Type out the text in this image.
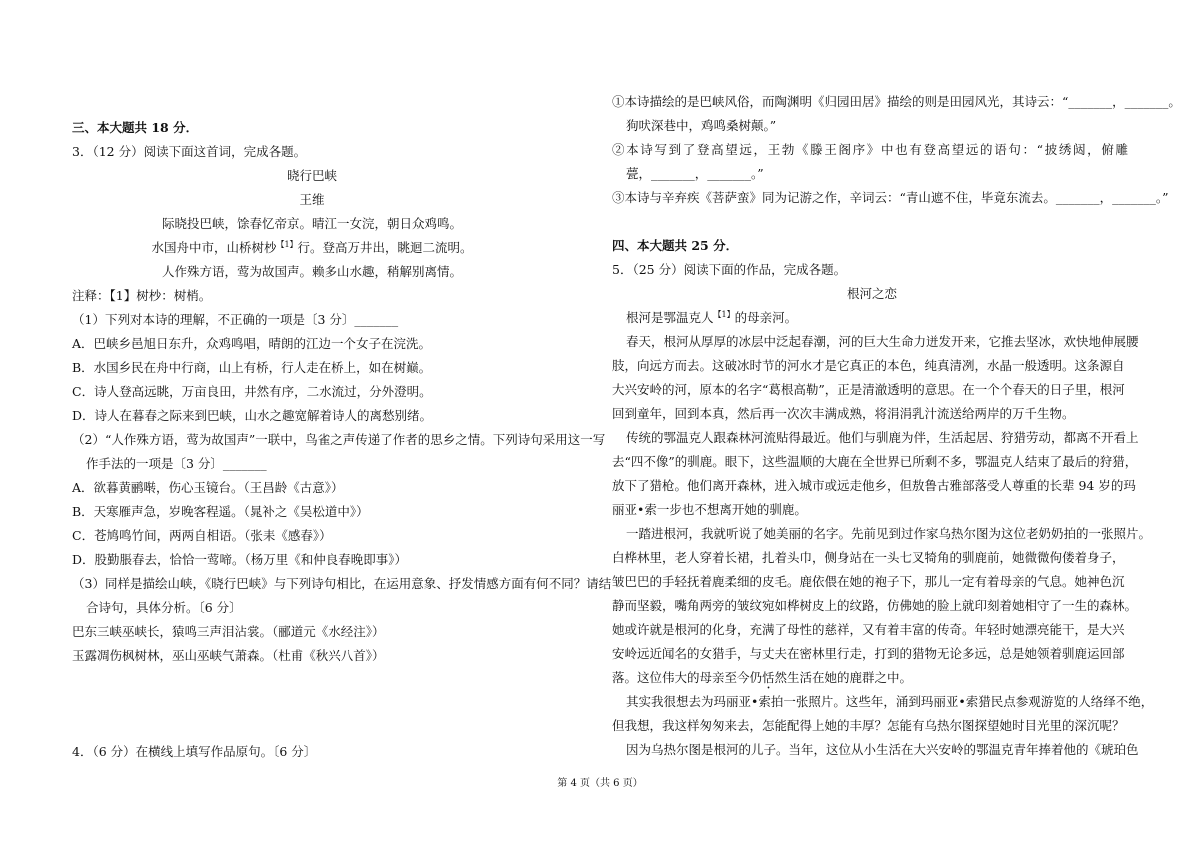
三、本大题共 18 分．
3．（12 分）阅读下面这首词，完成各题。
晓行巴峡
王维
际晓投巴峡，馀春忆帝京。晴江一女浣，朝日众鸡鸣。
水国舟中市，山桥树杪$^{【1】}$行。登高万井出，眺迴二流明。
人作殊方语，莺为故国声。赖多山水趣，稍解别离情。
注释：【1】树杪：树梢。
（1）下列对本诗的理解，不正确的一项是〔3 分〕_______
A．巴峡乡邑旭日东升，众鸡鸣唱，晴朗的江边一个女子在浣洗。
B．水国乡民在舟中行商，山上有桥，行人走在桥上，如在树巅。
C．诗人登高远眺，万亩良田，井然有序，二水流过，分外澄明。
D．诗人在暮春之际来到巴峡，山水之趣宽解着诗人的离愁别绪。
（2）“人作殊方语，莺为故国声”一联中，鸟雀之声传递了作者的思乡之情。下列诗句采用这一写
作手法的一项是〔3 分〕_______
A．欲暮黄鹂啭，伤心玉镜台。（王昌龄《古意》）
B．天寒雁声急，岁晚客程遥。（晁补之《吴松道中》）
C．苍鸠鸣竹间，两两自相语。（张耒《感春》）
D．股勤脹春去，恰恰一莺啼。（杨万里《和仲良春晚即事》）
（3）同样是描绘山峡，《晓行巴峡》与下列诗句相比，在运用意象、抒发情感方面有何不同？请结
合诗句，具体分析。〔6 分〕
巴东三峡巫峡长，猿鸣三声泪沾裳。（郦道元《水经注》）
玉露凋伤枫树林，巫山巫峡气萧森。（杜甫《秋兴八首》）
4．（6 分）在横线上填写作品原句。〔6 分〕
①本诗描绘的是巴峡风俗，而陶渊明《归园田居》描绘的则是田园风光，其诗云：“_______，_______。
狗吠深巷中，鸡鸣桑树颠。”
②本诗写到了登高望远，王勃《滕王阁序》中也有登高望远的语句：“披绣闼，俯雕
甍，_______，_______。”
③本诗与辛弃疾《菩萨蛮》同为记游之作，辛词云：“青山遮不住，毕竟东流去。_______，_______。”
四、本大题共 25 分．
5．（25 分）阅读下面的作品，完成各题。
根河之恋
根河是鄂温克人$^{【1】}$的母亲河。
春天，根河从厚厚的冰层中泛起春潮，河的巨大生命力迸发开来，它推去坚冰，欢快地伸展腰
肢，向远方而去。这破冰时节的河水才是它真正的本色，纯真清冽，水晶一般透明。这条源自
大兴安岭的河，原本的名字“葛根高勒”，正是清澈透明的意思。在一个个春天的日子里，根河
回到童年，回到本真，然后再一次次丰满成熟，将涓涓乳汁流送给两岸的万千生物。
传统的鄂温克人跟森林河流贴得最近。他们与驯鹿为伴，生活起居、狩猎劳动，都离不开看上
去“四不像”的驯鹿。眼下，这些温顺的大鹿在全世界已所剩不多，鄂温克人结束了最后的狩猎，
放下了猎枪。他们离开森林，进入城市或远走他乡，但敖鲁古雅部落受人尊重的长辈 94 岁的玛
丽亚•索一步也不想离开她的驯鹿。
一踏进根河，我就听说了她美丽的名字。先前见到过作家乌热尔图为这位老奶奶拍的一张照片。
白桦林里，老人穿着长裙，扎着头巾，侧身站在一头七叉犄角的驯鹿前，她微微佝偻着身子，
皱巴巴的手轻抚着鹿柔细的皮毛。鹿依偎在她的袍子下，那儿一定有着母亲的气息。她神色沉
静而坚毅，嘴角两旁的皱纹宛如桦树皮上的纹路，仿佛她的脸上就印刻着她相守了一生的森林。
她或许就是根河的化身，充满了母性的慈祥，又有着丰富的传奇。年轻时她漂亮能干，是大兴
安岭远近闻名的女猎手，与丈夫在密林里行走，打到的猎物无论多远，总是她领着驯鹿运回部
落。这位伟大的母亲至今仍恬然生活在她的鹿群之中。
其实我很想去为玛丽亚•索拍一张照片。这些年，涌到玛丽亚•索猎民点参观游览的人络绎不绝，
但我想，我这样匆匆来去，怎能配得上她的丰厚？怎能有乌热尔图探望她时目光里的深沉呢？
因为乌热尔图是根河的儿子。当年，这位从小生活在大兴安岭的鄂温克青年捧着他的《琥珀色
第 4 页（共 6 页）
